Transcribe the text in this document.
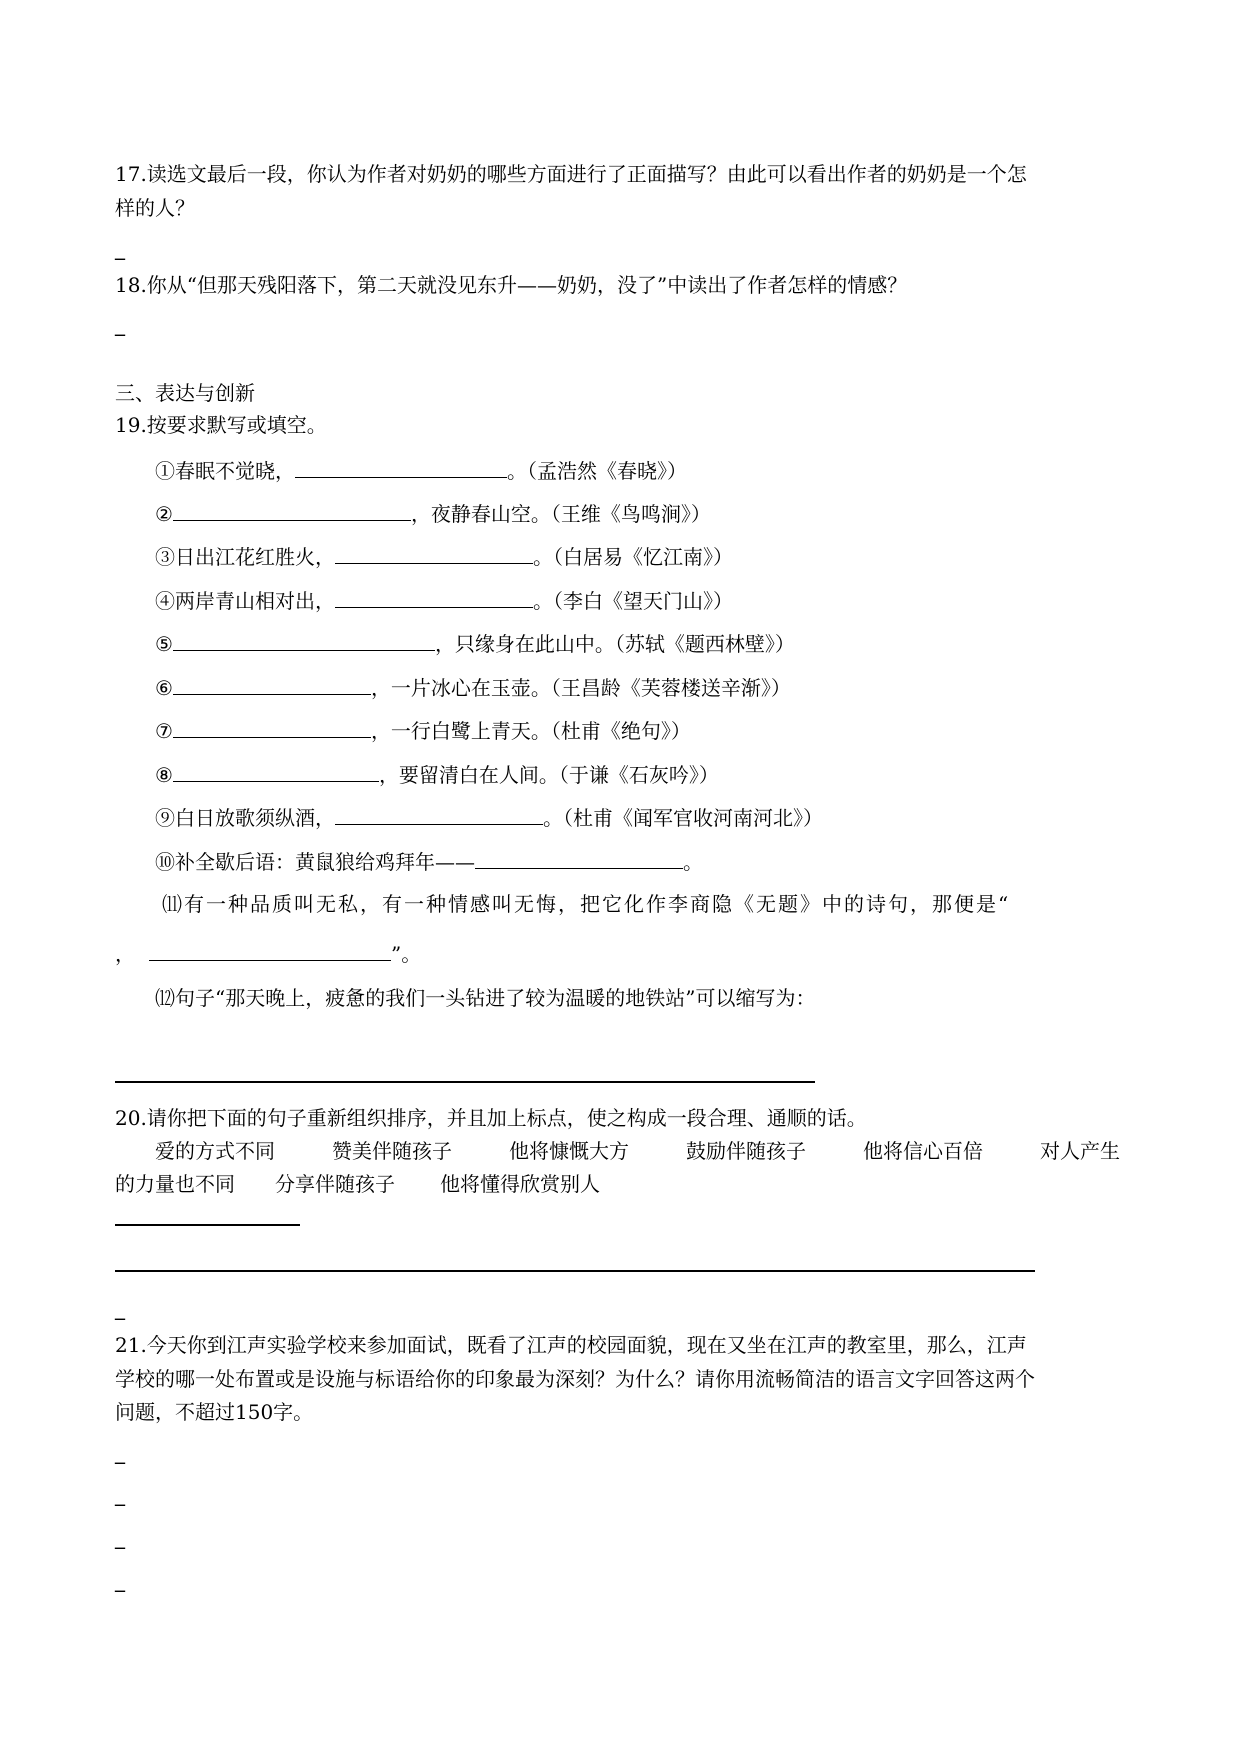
17.读选文最后一段，你认为作者对奶奶的哪些方面进行了正面描写？由此可以看出作者的奶奶是一个怎
样的人？
_
18.你从“但那天残阳落下，第二天就没见东升——奶奶，没了”中读出了作者怎样的情感？
_
三、表达与创新
19.按要求默写或填空。
①春眠不觉晓，	。（孟浩然《春晓》）
②	，夜静春山空。（王维《鸟鸣涧》）
③日出江花红胜火，	。（白居易《忆江南》）
④两岸青山相对出，	。（李白《望天门山》）
⑤	，只缘身在此山中。（苏轼《题西林壁》）
⑥	，一片冰心在玉壶。（王昌龄《芙蓉楼送辛渐》）
⑦	，一行白鹭上青天。（杜甫《绝句》）
⑧	，要留清白在人间。（于谦《石灰吟》）
⑨白日放歌须纵酒，	。（杜甫《闻军官收河南河北》）
⑩补全歇后语：黄鼠狼给鸡拜年——	。
⑾有一种品质叫无私，有一种情感叫无悔，把它化作李商隐《无题》中的诗句，那便是“
，	”。
⑿句子“那天晚上，疲惫的我们一头钻进了较为温暖的地铁站”可以缩写为：
20.请你把下面的句子重新组织排序，并且加上标点，使之构成一段合理、通顺的话。
爱的方式不同	赞美伴随孩子	他将慷慨大方	鼓励伴随孩子	他将信心百倍	对人产生
的力量也不同 分享伴随孩子 他将懂得欣赏别人
_
21.今天你到江声实验学校来参加面试，既看了江声的校园面貌，现在又坐在江声的教室里，那么，江声
学校的哪一处布置或是设施与标语给你的印象最为深刻？为什么？请你用流畅简洁的语言文字回答这两个
问题，不超过150字。
_
_
_
_
